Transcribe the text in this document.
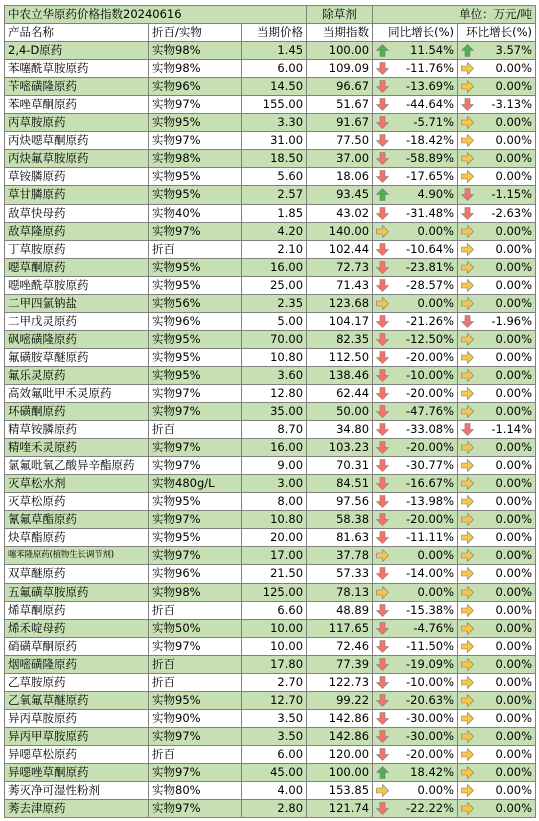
中农立华原药价格指数20240616			除草剂	单位：万元/吨	
产品名称	折百/实物	当期价格	当期指数	同比增长(%)	环比增长(%)
2,4-D原药	实物98%	1.45	100.00	11.54%	3.57%
苯噻酰草胺原药	实物98%	6.00	109.09	-11.76%	0.00%
苄嘧磺隆原药	实物96%	14.50	96.67	-13.69%	0.00%
苯唑草酮原药	实物97%	155.00	51.67	-44.64%	-3.13%
丙草胺原药	实物95%	3.30	91.67	-5.71%	0.00%
丙炔噁草酮原药	实物97%	31.00	77.50	-18.42%	0.00%
丙炔氟草胺原药	实物98%	18.50	37.00	-58.89%	0.00%
草铵膦原药	实物95%	5.60	18.06	-17.65%	0.00%
草甘膦原药	实物95%	2.57	93.45	4.90%	-1.15%
敌草快母药	实物40%	1.85	43.02	-31.48%	-2.63%
敌草隆原药	实物97%	4.20	140.00	0.00%	0.00%
丁草胺原药	折百	2.10	102.44	-10.64%	0.00%
噁草酮原药	实物95%	16.00	72.73	-23.81%	0.00%
噁唑酰草胺原药	实物95%	25.00	71.43	-28.57%	0.00%
二甲四氯钠盐	实物56%	2.35	123.68	0.00%	0.00%
二甲戊灵原药	实物96%	5.00	104.17	-21.26%	-1.96%
砜嘧磺隆原药	实物95%	70.00	82.35	-12.50%	0.00%
氟磺胺草醚原药	实物95%	10.80	112.50	-20.00%	0.00%
氟乐灵原药	实物95%	3.60	138.46	-10.00%	0.00%
高效氟吡甲禾灵原药	实物97%	12.80	62.44	-20.00%	0.00%
环磺酮原药	实物97%	35.00	50.00	-47.76%	0.00%
精草铵膦原药	折百	8.70	34.80	-33.08%	-1.14%
精喹禾灵原药	实物97%	16.00	103.23	-20.00%	0.00%
氯氟吡氧乙酸异辛酯原药	实物97%	9.00	70.31	-30.77%	0.00%
灭草松水剂	实物480g/L	3.00	84.51	-16.67%	0.00%
灭草松原药	实物95%	8.00	97.56	-13.98%	0.00%
氰氟草酯原药	实物97%	10.80	58.38	-20.00%	0.00%
炔草酯原药	实物95%	20.00	81.63	-11.11%	0.00%
噻苯隆原药(植物生长调节剂)	实物97%	17.00	37.78	0.00%	0.00%
双草醚原药	实物96%	21.50	57.33	-14.00%	0.00%
五氟磺草胺原药	实物98%	125.00	78.13	0.00%	0.00%
烯草酮原药	折百	6.60	48.89	-15.38%	0.00%
烯禾啶母药	实物50%	10.00	117.65	-4.76%	0.00%
硝磺草酮原药	实物97%	10.00	72.46	-11.50%	0.00%
烟嘧磺隆原药	折百	17.80	77.39	-19.09%	0.00%
乙草胺原药	折百	2.70	122.73	-10.00%	0.00%
乙氧氟草醚原药	实物95%	12.70	99.22	-20.63%	0.00%
异丙草胺原药	实物90%	3.50	142.86	-30.00%	0.00%
异丙甲草胺原药	实物97%	3.50	142.86	-30.00%	0.00%
异噁草松原药	折百	6.00	120.00	-20.00%	0.00%
异噁唑草酮原药	实物97%	45.00	100.00	18.42%	0.00%
莠灭净可湿性粉剂	实物80%	4.00	153.85	0.00%	0.00%
莠去津原药	实物97%	2.80	121.74	-22.22%	0.00%
